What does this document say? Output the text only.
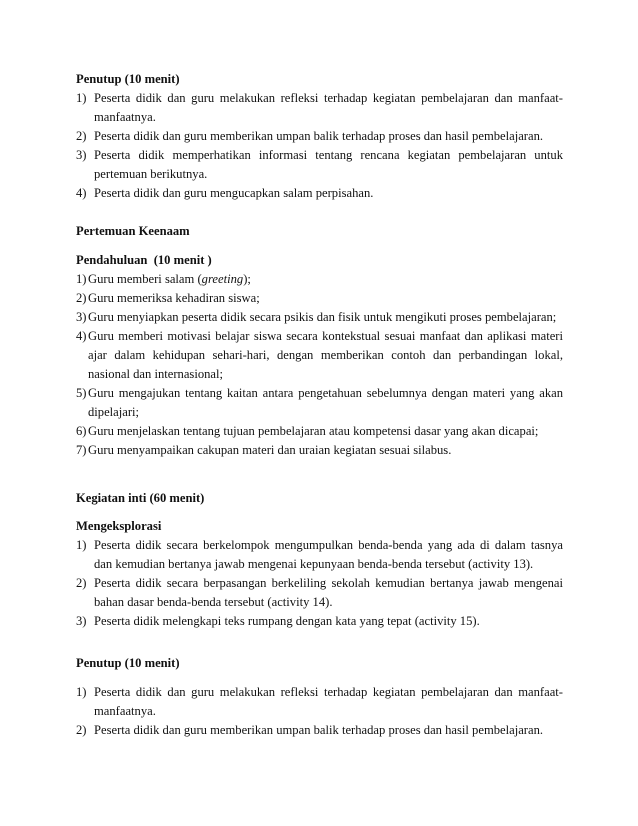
Penutup (10 menit)

1) Peserta didik dan guru melakukan refleksi terhadap kegiatan pembelajaran dan manfaat-manfaatnya.
2) Peserta didik dan guru memberikan umpan balik terhadap proses dan hasil pembelajaran.
3) Peserta didik memperhatikan informasi tentang rencana kegiatan pembelajaran untuk pertemuan berikutnya.
4) Peserta didik dan guru mengucapkan salam perpisahan.

Pertemuan Keenaam

Pendahuluan  (10 menit )

1) Guru memberi salam (greeting);
2) Guru memeriksa kehadiran siswa;
3) Guru menyiapkan peserta didik secara psikis dan fisik untuk mengikuti proses pembelajaran;
4) Guru memberi motivasi belajar siswa secara kontekstual sesuai manfaat dan aplikasi materi ajar dalam kehidupan sehari-hari, dengan memberikan contoh dan perbandingan lokal, nasional dan internasional;
5) Guru mengajukan tentang kaitan antara pengetahuan sebelumnya dengan materi yang akan dipelajari;
6) Guru menjelaskan tentang tujuan pembelajaran atau kompetensi dasar yang akan dicapai;
7) Guru menyampaikan cakupan materi dan uraian kegiatan sesuai silabus.

Kegiatan inti (60 menit)

Mengeksplorasi

1) Peserta didik secara berkelompok mengumpulkan benda-benda yang ada di dalam tasnya dan kemudian bertanya jawab mengenai kepunyaan benda-benda tersebut (activity 13).
2) Peserta didik secara berpasangan berkeliling sekolah kemudian bertanya jawab mengenai bahan dasar benda-benda tersebut (activity 14).
3) Peserta didik melengkapi teks rumpang dengan kata yang tepat (activity 15).

Penutup (10 menit)

1) Peserta didik dan guru melakukan refleksi terhadap kegiatan pembelajaran dan manfaat-manfaatnya.
2) Peserta didik dan guru memberikan umpan balik terhadap proses dan hasil pembelajaran.
